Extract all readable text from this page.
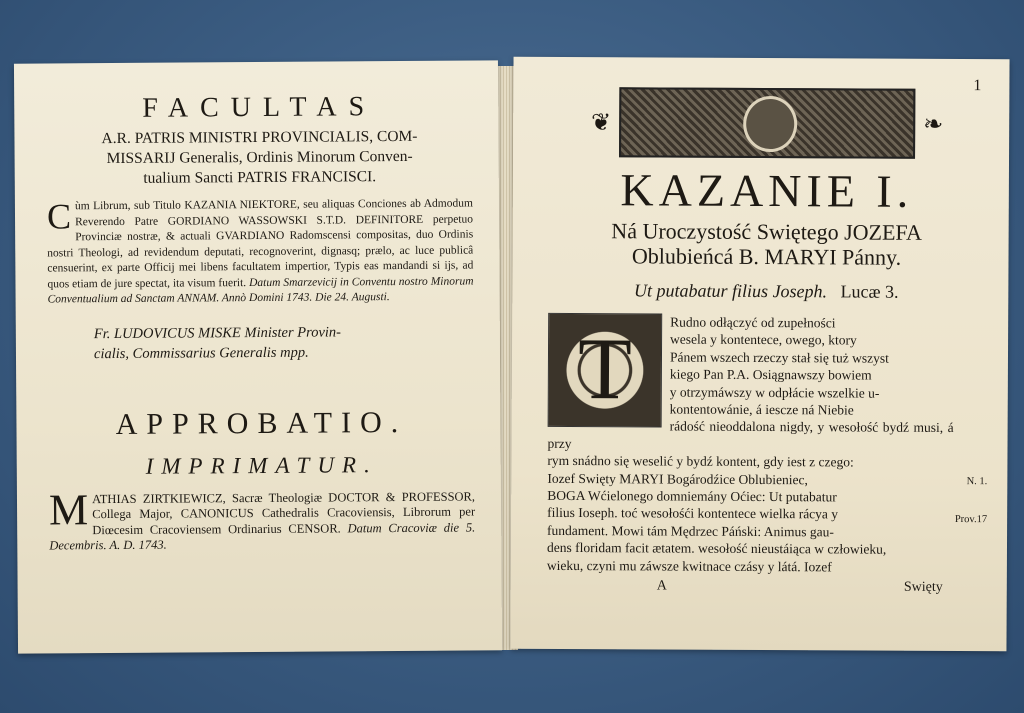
FACULTAS
A.R. PATRIS MINISTRI PROVINCIALIS, COM-
MISSARIJ Generalis, Ordinis Minorum Conven-
tualium Sancti PATRIS FRANCISCI.
C ùm Librum, sub Titulo KAZANIA NIEKTORE, seu aliquas Conciones ab Admodum Reverendo Patre GORDIANO WASSOWSKI S.T.D. DEFINITORE perpetuo Provinciæ nostræ, & actuali GVARDIANO Radomscensi compositas, duo Ordinis nostri Theologi, ad revidendum deputati, recognoverint, dignasq; prælo, ac luce publicâ censuerint, ex parte Officij mei libens facultatem impertior, Typis eas mandandi si ijs, ad quos etiam de jure spectat, ita visum fuerit. Datum Smarzevicij in Conventu nostro Minorum Conventualium ad Sanctam ANNAM. Annò Domini 1743. Die 24. Augusti.
Fr. LUDOVICUS MISKE Minister Provin-
cialis, Commissarius Generalis mpp.
APPROBATIO.
IMPRIMATUR.
M ATHIAS ZIRTKIEWICZ, Sacræ Theologiæ DOCTOR & PROFESSOR, Collega Major, CANONICUS Cathedralis Cracoviensis, Librorum per Diœcesim Cracoviensem Ordinarius CENSOR. Datum Cracoviæ die 5. Decembris. A. D. 1743.
1
❦	❧
KAZANIE I.
Ná Uroczystość Swiętego JOZEFA
Oblubieńcá B. MARYI Pánny.
Ut putabatur filius Joseph. Lucæ 3.
T	Rudno odłączyć od zupełności
wesela y kontentece, owego, ktory
Pánem wszech rzeczy stał się tuż wszyst
kiego Pan P.A. Osiągnawszy bowiem
y otrzymáwszy w odpłácie wszelkie u-
kontentowánie, á iescze ná Niebie
rádość nieoddalona nigdy, y wesołość bydź musi, á przy
rym snádno się weselić y bydź kontent, gdy iest z czego:
Iozef Swięty MARYI Bogárodźice Oblubieniec,
BOGA Wćielonego domniemány Oćiec: Ut putabatur
filius Ioseph. toć wesołośći kontentece wielka rácya y
fundament. Mowi tám Mędrzec Páński: Animus gau-
dens floridam facit ætatem. wesołość nieustáiąca w człowieku,
wieku, czyni mu záwsze kwitnace czásy y látá. Iozef
N. 1.
Prov.17
A	Swięty
